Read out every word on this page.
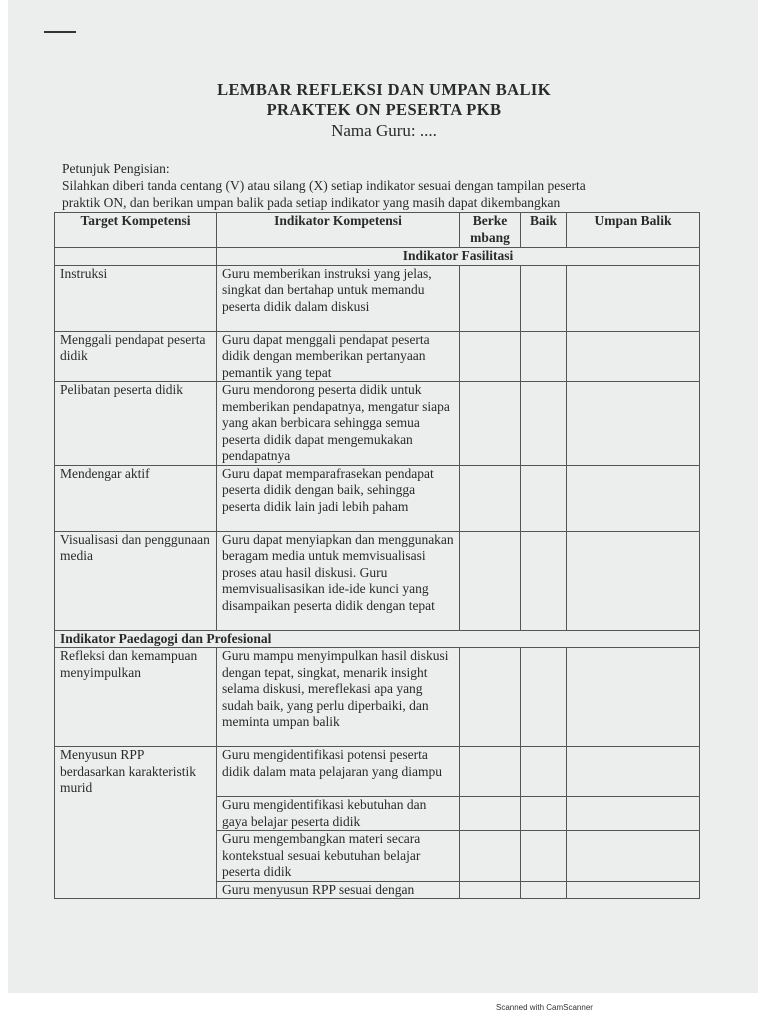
LEMBAR REFLEKSI DAN UMPAN BALIK
PRAKTEK ON PESERTA PKB
Nama Guru: ....
Petunjuk Pengisian:
Silahkan diberi tanda centang (V) atau silang (X) setiap indikator sesuai dengan tampilan peserta
praktik ON, dan berikan umpan balik pada setiap indikator yang masih dapat dikembangkan
Target Kompetensi	Indikator Kompetensi	Berke mbang	Baik	Umpan Balik
	Indikator Fasilitasi			
Instruksi	Guru memberikan instruksi yang jelas, singkat dan bertahap untuk memandu peserta didik dalam diskusi			
Menggali pendapat peserta didik	Guru dapat menggali pendapat peserta didik dengan memberikan pertanyaan pemantik yang tepat			
Pelibatan peserta didik	Guru mendorong peserta didik untuk memberikan pendapatnya, mengatur siapa yang akan berbicara sehingga semua peserta didik dapat mengemukakan pendapatnya			
Mendengar aktif	Guru dapat memparafrasekan pendapat peserta didik dengan baik, sehingga peserta didik lain jadi lebih paham			
Visualisasi dan penggunaan media	Guru dapat menyiapkan dan menggunakan beragam media untuk memvisualisasi proses atau hasil diskusi. Guru memvisualisasikan ide-ide kunci yang disampaikan peserta didik dengan tepat			
Indikator Paedagogi dan Profesional				
Refleksi dan kemampuan menyimpulkan	Guru mampu menyimpulkan hasil diskusi dengan tepat, singkat, menarik insight selama diskusi, mereflekasi apa yang sudah baik, yang perlu diperbaiki, dan meminta umpan balik			
Menyusun RPP berdasarkan karakteristik murid	Guru mengidentifikasi potensi peserta didik dalam mata pelajaran yang diampu			
	Guru mengidentifikasi kebutuhan dan gaya belajar peserta didik			
	Guru mengembangkan materi secara kontekstual sesuai kebutuhan belajar peserta didik			
	Guru menyusun RPP sesuai dengan			
Scanned with CamScanner
